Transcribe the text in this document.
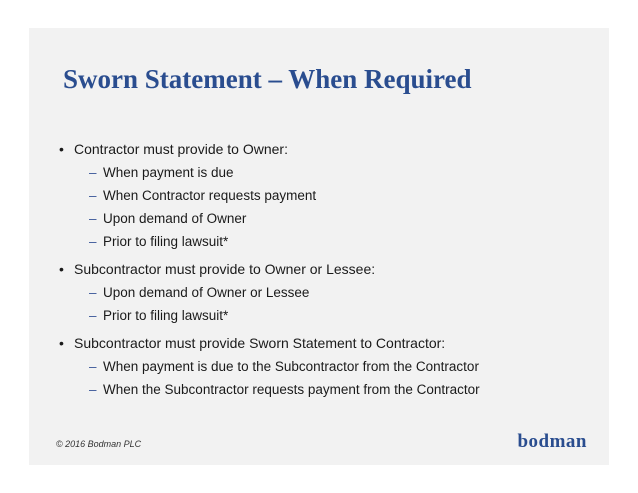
Sworn Statement – When Required
• Contractor must provide to Owner:
– When payment is due
– When Contractor requests payment
– Upon demand of Owner
– Prior to filing lawsuit*
• Subcontractor must provide to Owner or Lessee:
– Upon demand of Owner or Lessee
– Prior to filing lawsuit*
• Subcontractor must provide Sworn Statement to Contractor:
– When payment is due to the Subcontractor from the Contractor
– When the Subcontractor requests payment from the Contractor
© 2016 Bodman PLC	bodman
